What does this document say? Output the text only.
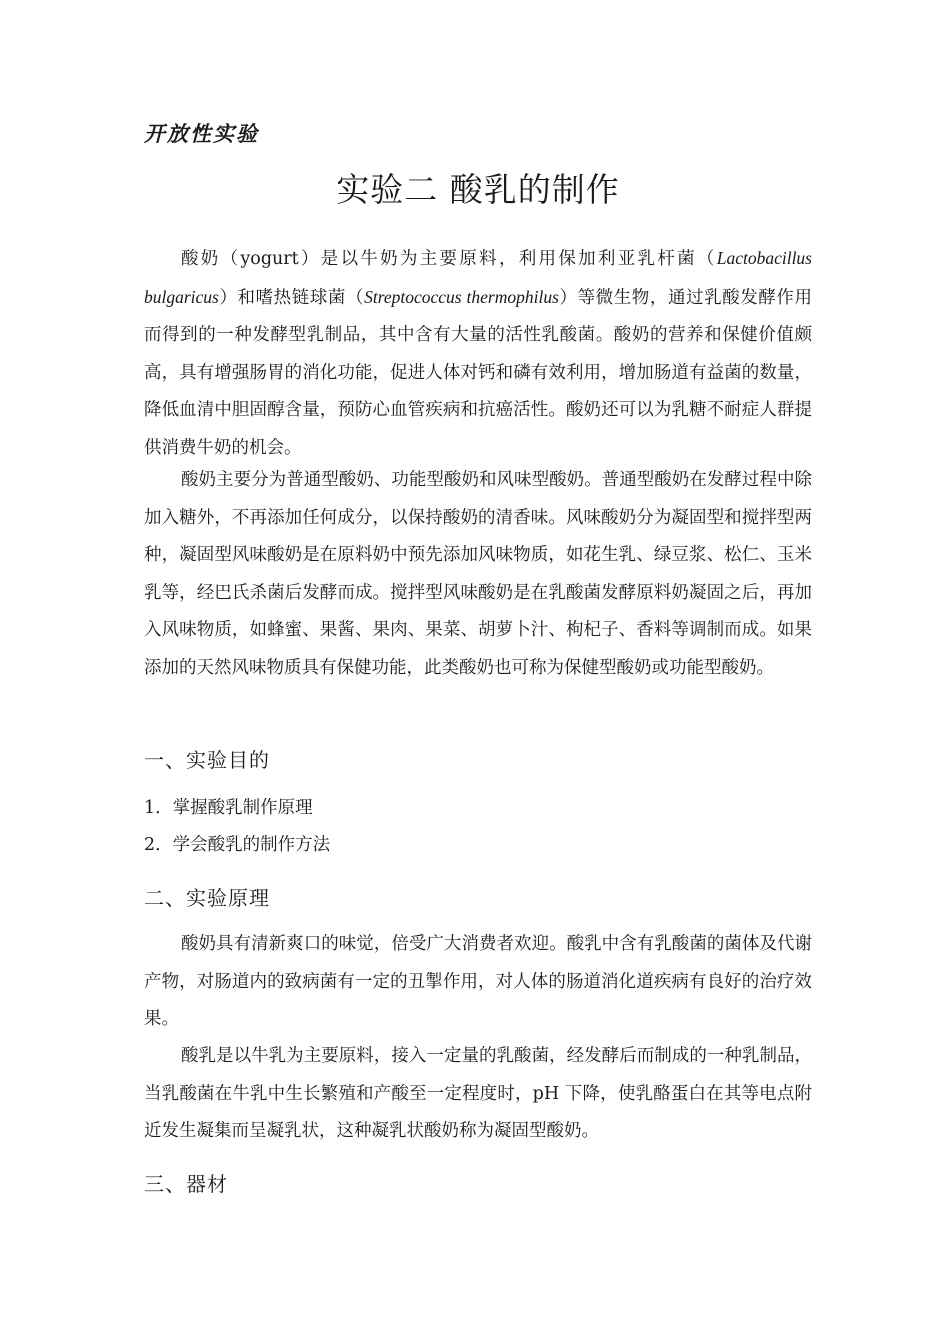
开放性实验
实验二 酸乳的制作

酸奶（yogurt）是以牛奶为主要原料，利用保加利亚乳杆菌（Lactobacillus bulgaricus）和嗜热链球菌（Streptococcus thermophilus）等微生物，通过乳酸发酵作用而得到的一种发酵型乳制品，其中含有大量的活性乳酸菌。酸奶的营养和保健价值颇高，具有增强肠胃的消化功能，促进人体对钙和磷有效利用，增加肠道有益菌的数量，降低血清中胆固醇含量，预防心血管疾病和抗癌活性。酸奶还可以为乳糖不耐症人群提供消费牛奶的机会。

酸奶主要分为普通型酸奶、功能型酸奶和风味型酸奶。普通型酸奶在发酵过程中除加入糖外，不再添加任何成分，以保持酸奶的清香味。风味酸奶分为凝固型和搅拌型两种，凝固型风味酸奶是在原料奶中预先添加风味物质，如花生乳、绿豆浆、松仁、玉米乳等，经巴氏杀菌后发酵而成。搅拌型风味酸奶是在乳酸菌发酵原料奶凝固之后，再加入风味物质，如蜂蜜、果酱、果肉、果菜、胡萝卜汁、枸杞子、香料等调制而成。如果添加的天然风味物质具有保健功能，此类酸奶也可称为保健型酸奶或功能型酸奶。

一、实验目的
1．掌握酸乳制作原理
2．学会酸乳的制作方法
二、实验原理

酸奶具有清新爽口的味觉，倍受广大消费者欢迎。酸乳中含有乳酸菌的菌体及代谢产物，对肠道内的致病菌有一定的丑掣作用，对人体的肠道消化道疾病有良好的治疗效果。

酸乳是以牛乳为主要原料，接入一定量的乳酸菌，经发酵后而制成的一种乳制品，当乳酸菌在牛乳中生长繁殖和产酸至一定程度时，pH 下降，使乳酪蛋白在其等电点附近发生凝集而呈凝乳状，这种凝乳状酸奶称为凝固型酸奶。

三、器材
